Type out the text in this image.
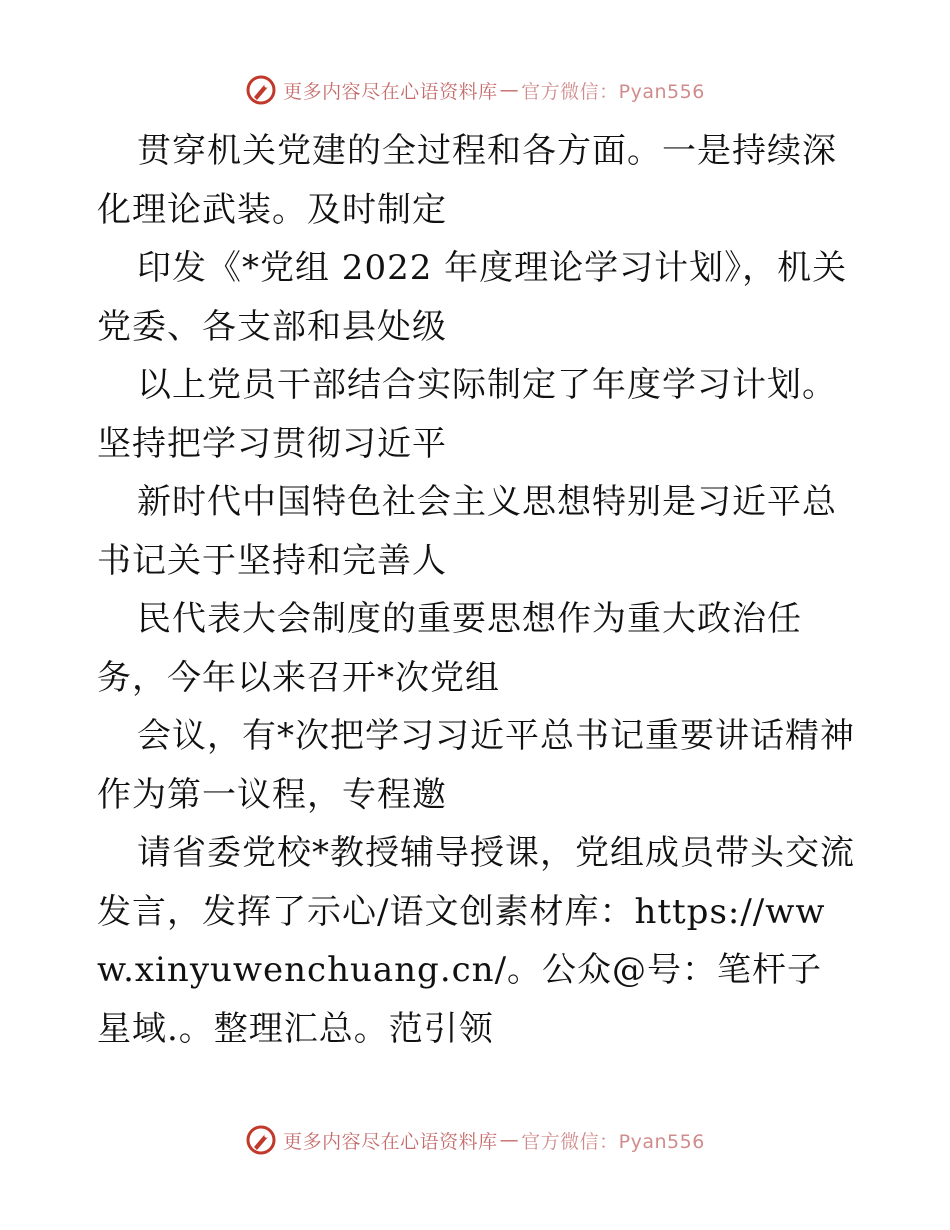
更多内容尽在心语资料库 — 官方微信：Pyan556

贯穿机关党建的全过程和各方面。一是持续深化理论武装。及时制定

印发《*党组 2022 年度理论学习计划》，机关党委、各支部和县处级

以上党员干部结合实际制定了年度学习计划。坚持把学习贯彻习近平

新时代中国特色社会主义思想特别是习近平总书记关于坚持和完善人

民代表大会制度的重要思想作为重大政治任务，今年以来召开*次党组

会议，有*次把学习习近平总书记重要讲话精神作为第一议程，专程邀

请省委党校*教授辅导授课，党组成员带头交流发言，发挥了示心/语文创素材库：https://www.xinyuwenchuang.cn/。公众@号：笔杆子星域.。整理汇总。范引领

更多内容尽在心语资料库 — 官方微信：Pyan556
